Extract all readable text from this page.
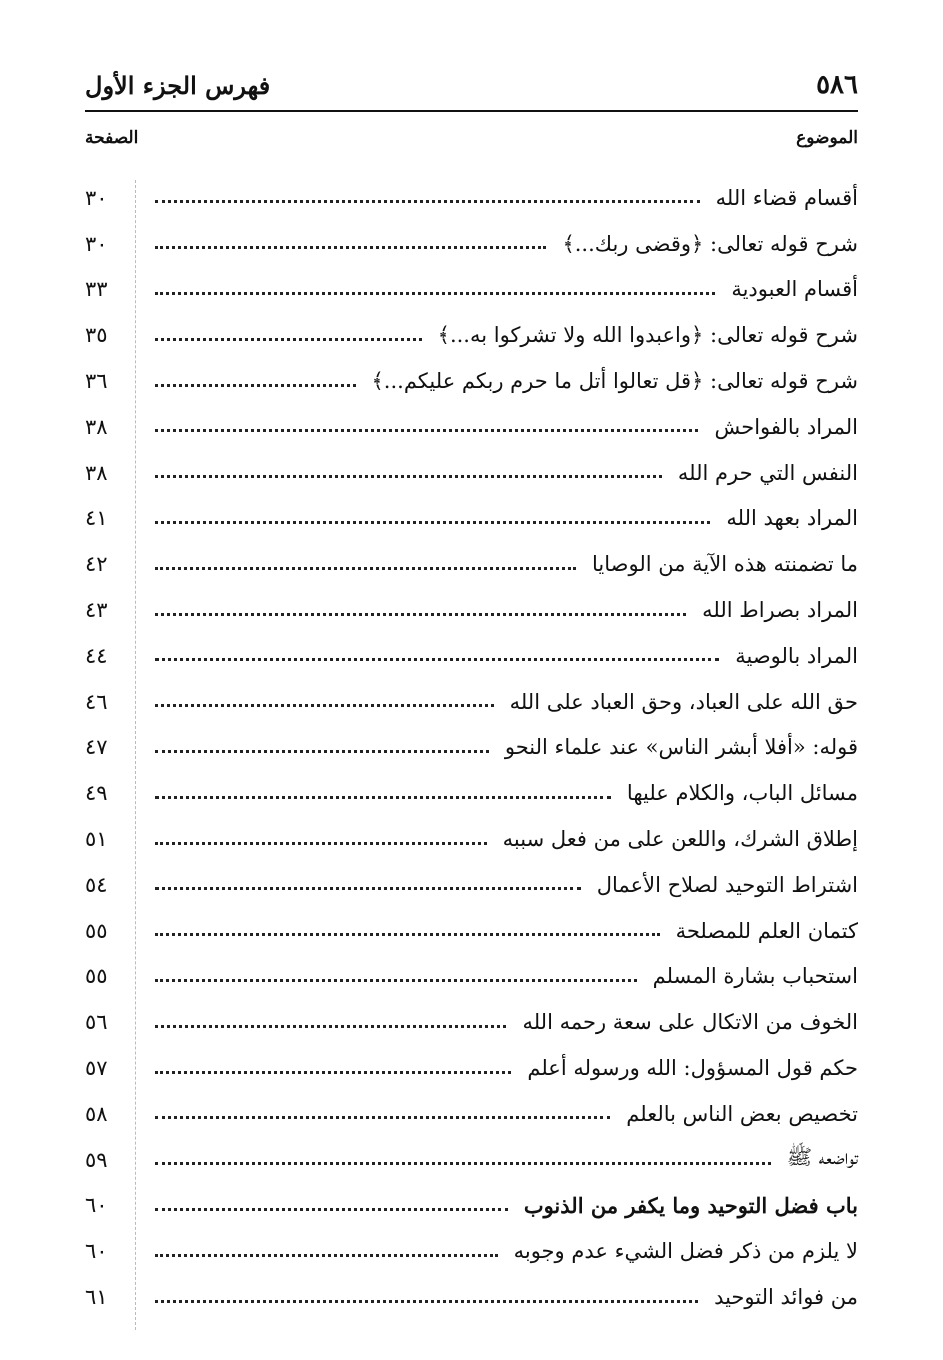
٥٨٦
فهرس الجزء الأول
الموضوع
الصفحة
أقسام قضاء الله
٣٠
شرح قوله تعالى: ﴿وقضى ربك...﴾
٣٠
أقسام العبودية
٣٣
شرح قوله تعالى: ﴿واعبدوا الله ولا تشركوا به...﴾
٣٥
شرح قوله تعالى: ﴿قل تعالوا أتل ما حرم ربكم عليكم...﴾
٣٦
المراد بالفواحش
٣٨
النفس التي حرم الله
٣٨
المراد بعهد الله
٤١
ما تضمنته هذه الآية من الوصايا
٤٢
المراد بصراط الله
٤٣
المراد بالوصية
٤٤
حق الله على العباد، وحق العباد على الله
٤٦
قوله: «أفلا أبشر الناس» عند علماء النحو
٤٧
مسائل الباب، والكلام عليها
٤٩
إطلاق الشرك، واللعن على من فعل سببه
٥١
اشتراط التوحيد لصلاح الأعمال
٥٤
كتمان العلم للمصلحة
٥٥
استحباب بشارة المسلم
٥٥
الخوف من الاتكال على سعة رحمه الله
٥٦
حكم قول المسؤول: الله ورسوله أعلم
٥٧
تخصيص بعض الناس بالعلم
٥٨
تواضعه ﷺ
٥٩
باب فضل التوحيد وما يكفر من الذنوب
٦٠
لا يلزم من ذكر فضل الشيء عدم وجوبه
٦٠
من فوائد التوحيد
٦١
